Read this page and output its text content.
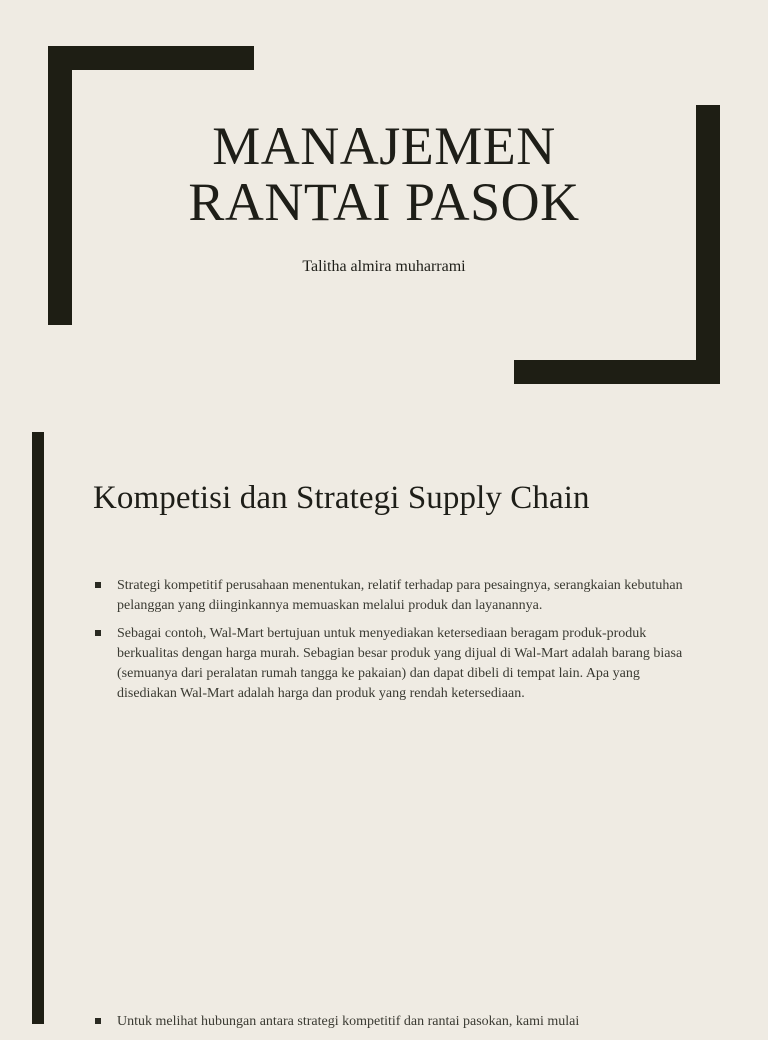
MANAJEMEN
RANTAI PASOK

Talitha almira muharrami

Kompetisi dan Strategi Supply Chain
Strategi kompetitif perusahaan menentukan, relatif terhadap para pesaingnya, serangkaian kebutuhan pelanggan yang diinginkannya memuaskan melalui produk dan layanannya.
Sebagai contoh, Wal-Mart bertujuan untuk menyediakan ketersediaan beragam produk-produk berkualitas dengan harga murah. Sebagian besar produk yang dijual di Wal-Mart adalah barang biasa (semuanya dari peralatan rumah tangga ke pakaian) dan dapat dibeli di tempat lain. Apa yang disediakan Wal-Mart adalah harga dan produk yang rendah ketersediaan.
Untuk melihat hubungan antara strategi kompetitif dan rantai pasokan, kami mulai
